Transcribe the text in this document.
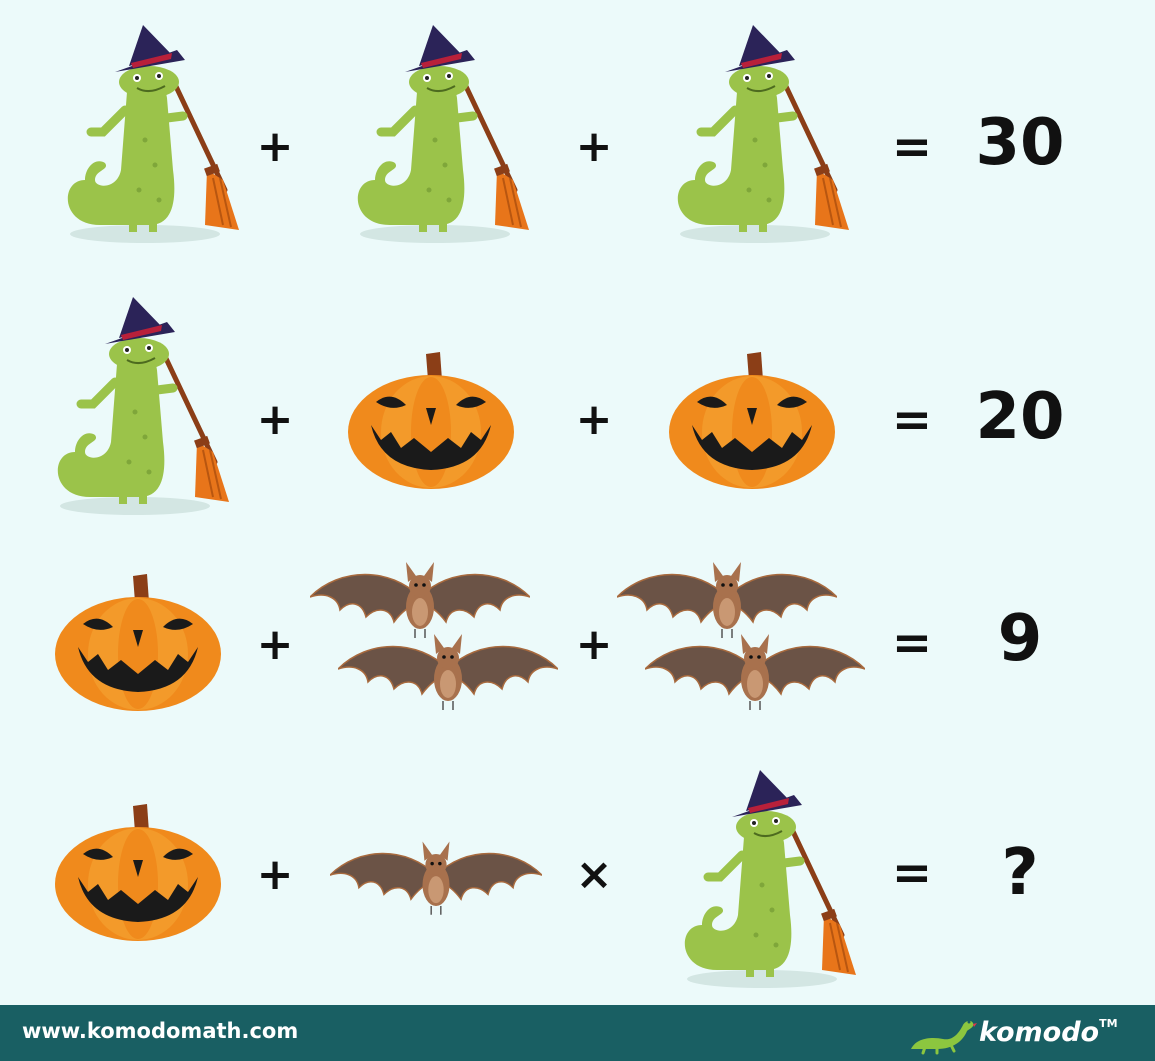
+	+	= 30
+	+	= 20
+	+	=	9
+	×	=	?
www.komodomath.com	komodo™
